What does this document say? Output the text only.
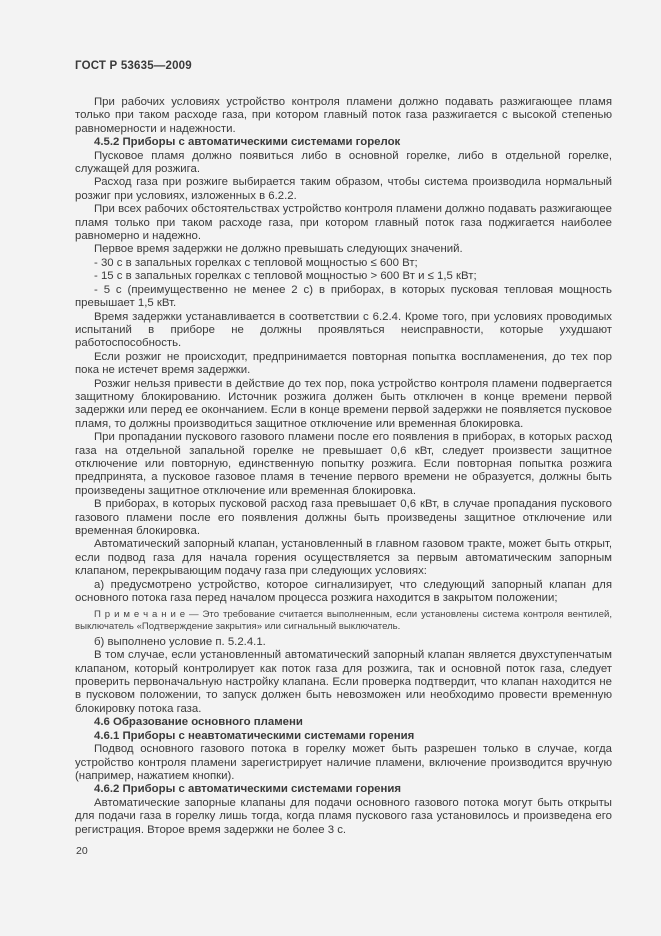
ГОСТ Р 53635—2009

При рабочих условиях устройство контроля пламени должно подавать разжигающее пламя только при таком расходе газа, при котором главный поток газа разжигается с высокой степенью равномерности и надежности.

4.5.2 Приборы с автоматическими системами горелок

Пусковое пламя должно появиться либо в основной горелке, либо в отдельной горелке, служащей для розжига.

Расход газа при розжиге выбирается таким образом, чтобы система производила нормальный розжиг при условиях, изложенных в 6.2.2.

При всех рабочих обстоятельствах устройство контроля пламени должно подавать разжигающее пламя только при таком расходе газа, при котором главный поток газа поджигается наиболее равномерно и надежно.

Первое время задержки не должно превышать следующих значений.

- 30 с в запальных горелках с тепловой мощностью ≤ 600 Вт;

- 15 с в запальных горелках с тепловой мощностью > 600 Вт и ≤ 1,5 кВт;

- 5 с (преимущественно не менее 2 с) в приборах, в которых пусковая тепловая мощность превышает 1,5 кВт.

Время задержки устанавливается в соответствии с 6.2.4. Кроме того, при условиях проводимых испытаний в приборе не должны проявляться неисправности, которые ухудшают работоспособность.

Если розжиг не происходит, предпринимается повторная попытка воспламенения, до тех пор пока не истечет время задержки.

Розжиг нельзя привести в действие до тех пор, пока устройство контроля пламени подвергается защитному блокированию. Источник розжига должен быть отключен в конце времени первой задержки или перед ее окончанием. Если в конце времени первой задержки не появляется пусковое пламя, то должны производиться защитное отключение или временная блокировка.

При пропадании пускового газового пламени после его появления в приборах, в которых расход газа на отдельной запальной горелке не превышает 0,6 кВт, следует произвести защитное отключение или повторную, единственную попытку розжига. Если повторная попытка розжига предпринята, а пусковое газовое пламя в течение первого времени не образуется, должны быть произведены защитное отключение или временная блокировка.

В приборах, в которых пусковой расход газа превышает 0,6 кВт, в случае пропадания пускового газового пламени после его появления должны быть произведены защитное отключение или временная блокировка.

Автоматический запорный клапан, установленный в главном газовом тракте, может быть открыт, если подвод газа для начала горения осуществляется за первым автоматическим запорным клапаном, перекрывающим подачу газа при следующих условиях:

а) предусмотрено устройство, которое сигнализирует, что следующий запорный клапан для основного потока газа перед началом процесса розжига находится в закрытом положении;

П р и м е ч а н и е — Это требование считается выполненным, если установлены система контроля вентилей, выключатель «Подтверждение закрытия» или сигнальный выключатель.

б) выполнено условие п. 5.2.4.1.

В том случае, если установленный автоматический запорный клапан является двухступенчатым клапаном, который контролирует как поток газа для розжига, так и основной поток газа, следует проверить первоначальную настройку клапана. Если проверка подтвердит, что клапан находится не в пусковом положении, то запуск должен быть невозможен или необходимо провести временную блокировку потока газа.

4.6 Образование основного пламени

4.6.1 Приборы с неавтоматическими системами горения

Подвод основного газового потока в горелку может быть разрешен только в случае, когда устройство контроля пламени зарегистрирует наличие пламени, включение производится вручную (например, нажатием кнопки).

4.6.2 Приборы с автоматическими системами горения

Автоматические запорные клапаны для подачи основного газового потока могут быть открыты для подачи газа в горелку лишь тогда, когда пламя пускового газа установилось и произведена его регистрация. Второе время задержки не более 3 с.

20
